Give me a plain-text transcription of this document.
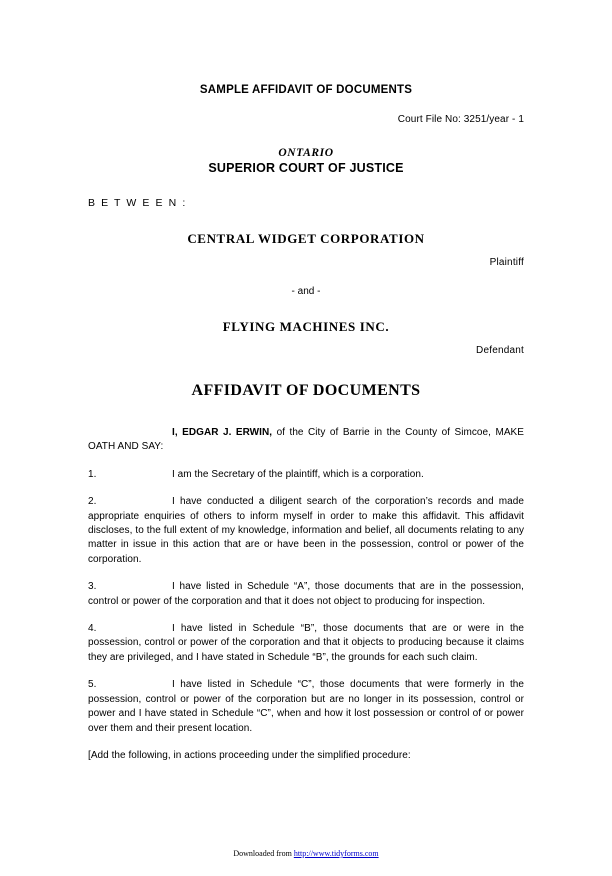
SAMPLE AFFIDAVIT OF DOCUMENTS
Court File No: 3251/year - 1
ONTARIO
SUPERIOR COURT OF JUSTICE
B E T W E E N :
CENTRAL WIDGET CORPORATION
Plaintiff
- and -
FLYING MACHINES INC.
Defendant
AFFIDAVIT OF DOCUMENTS

I, EDGAR J. ERWIN, of the City of Barrie in the County of Simcoe, MAKE OATH AND SAY:

1.	I am the Secretary of the plaintiff, which is a corporation.

2.	I have conducted a diligent search of the corporation’s records and made appropriate enquiries of others to inform myself in order to make this affidavit. This affidavit discloses, to the full extent of my knowledge, information and belief, all documents relating to any matter in issue in this action that are or have been in the possession, control or power of the corporation.

3.	I have listed in Schedule “A”, those documents that are in the possession, control or power of the corporation and that it does not object to producing for inspection.

4.	I have listed in Schedule “B”, those documents that are or were in the possession, control or power of the corporation and that it objects to producing because it claims they are privileged, and I have stated in Schedule “B”, the grounds for each such claim.

5.	I have listed in Schedule “C”, those documents that were formerly in the possession, control or power of the corporation but are no longer in its possession, control or power and I have stated in Schedule “C”, when and how it lost possession or control of or power over them and their present location.

[Add the following, in actions proceeding under the simplified procedure:

Downloaded from http://www.tidyforms.com
